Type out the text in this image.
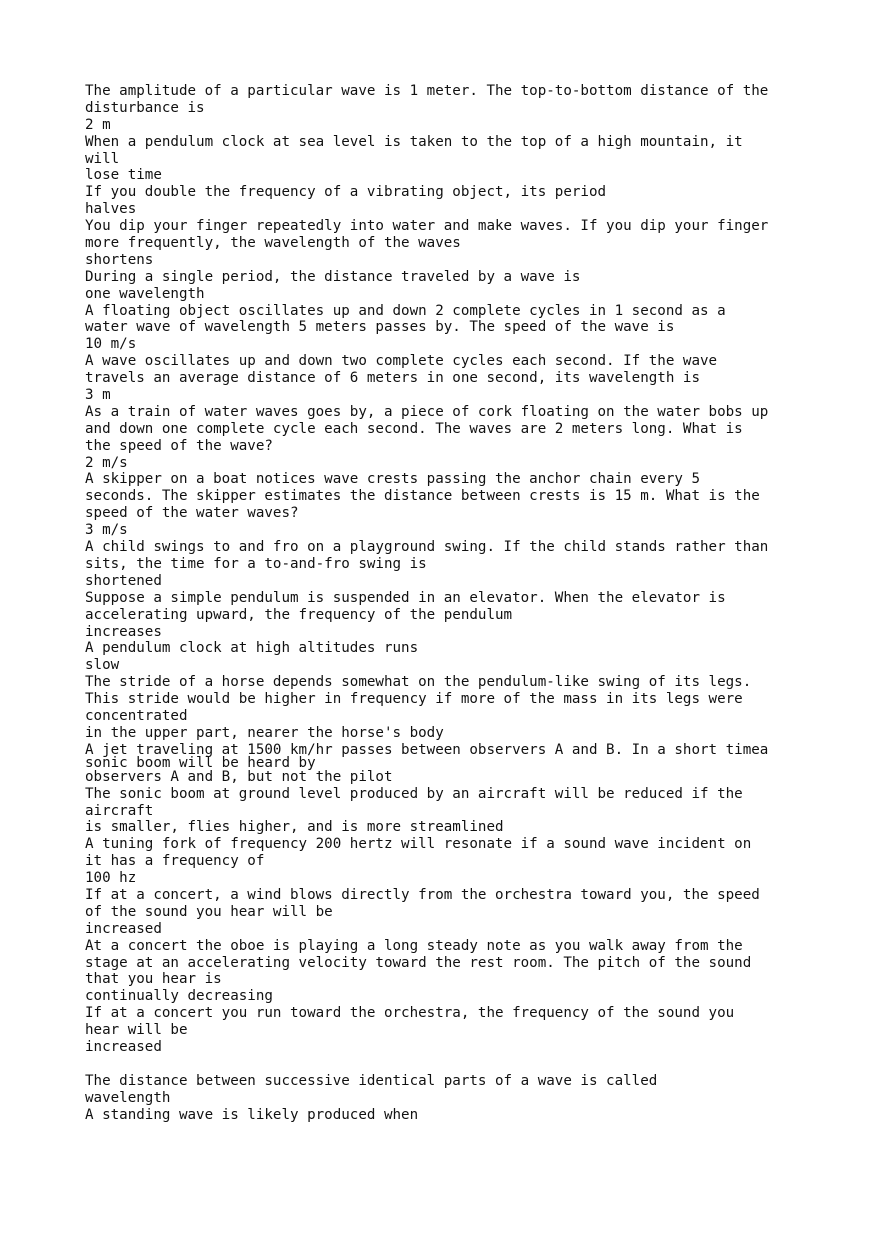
The amplitude of a particular wave is 1 meter. The top-to-bottom distance of the
disturbance is
2 m
When a pendulum clock at sea level is taken to the top of a high mountain, it
will
lose time
If you double the frequency of a vibrating object, its period
halves
You dip your finger repeatedly into water and make waves. If you dip your finger
more frequently, the wavelength of the waves
shortens
During a single period, the distance traveled by a wave is
one wavelength
A floating object oscillates up and down 2 complete cycles in 1 second as a
water wave of wavelength 5 meters passes by. The speed of the wave is
10 m/s
A wave oscillates up and down two complete cycles each second. If the wave
travels an average distance of 6 meters in one second, its wavelength is
3 m
As a train of water waves goes by, a piece of cork floating on the water bobs up
and down one complete cycle each second. The waves are 2 meters long. What is
the speed of the wave?
2 m/s
A skipper on a boat notices wave crests passing the anchor chain every 5
seconds. The skipper estimates the distance between crests is 15 m. What is the
speed of the water waves?
3 m/s
A child swings to and fro on a playground swing. If the child stands rather than
sits, the time for a to-and-fro swing is
shortened
Suppose a simple pendulum is suspended in an elevator. When the elevator is
accelerating upward, the frequency of the pendulum
increases
A pendulum clock at high altitudes runs
slow
The stride of a horse depends somewhat on the pendulum-like swing of its legs.
This stride would be higher in frequency if more of the mass in its legs were
concentrated
in the upper part, nearer the horse's body
A jet traveling at 1500 km/hr passes between observers A and B. In a short timea
sonic boom will be heard by
observers A and B, but not the pilot
The sonic boom at ground level produced by an aircraft will be reduced if the
aircraft
is smaller, flies higher, and is more streamlined
A tuning fork of frequency 200 hertz will resonate if a sound wave incident on
it has a frequency of
100 hz
If at a concert, a wind blows directly from the orchestra toward you, the speed
of the sound you hear will be
increased
At a concert the oboe is playing a long steady note as you walk away from the
stage at an accelerating velocity toward the rest room. The pitch of the sound
that you hear is
continually decreasing
If at a concert you run toward the orchestra, the frequency of the sound you
hear will be
increased
The distance between successive identical parts of a wave is called
wavelength
A standing wave is likely produced when
